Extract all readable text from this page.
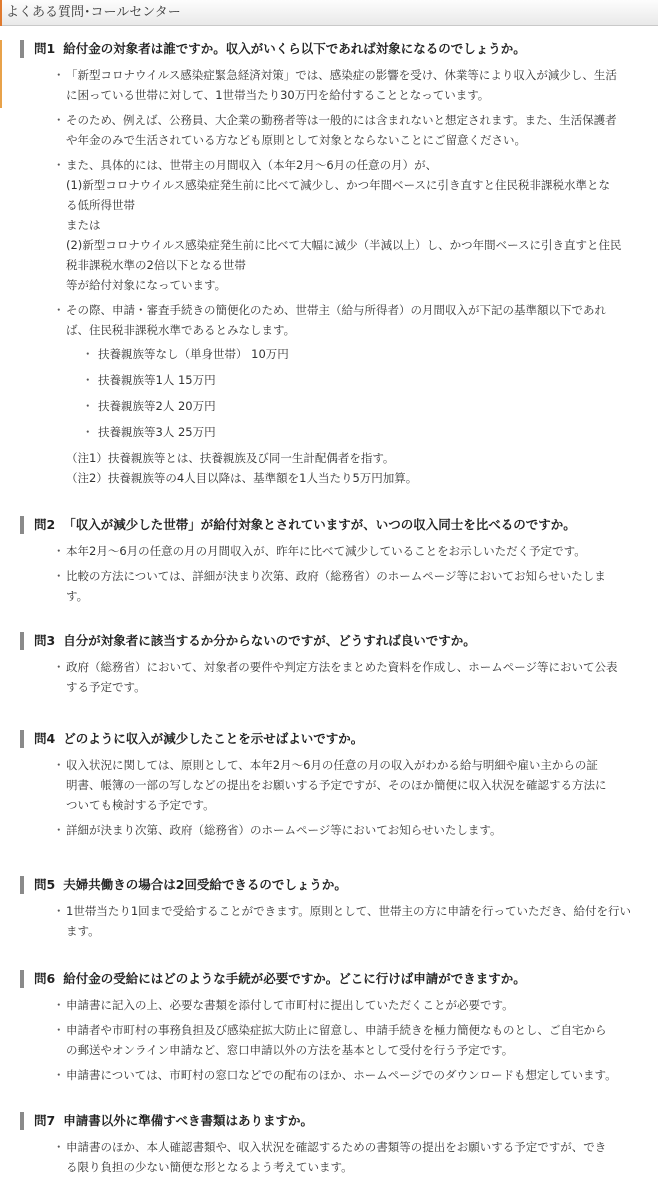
よくある質問･コールセンター
問1 給付金の対象者は誰ですか。収入がいくら以下であれば対象になるのでしょうか。
・ 「新型コロナウイルス感染症緊急経済対策」では、感染症の影響を受け、休業等により収入が減少し、生活
に困っている世帯に対して、1世帯当たり30万円を給付することとなっています。
・ そのため、例えば、公務員、大企業の勤務者等は一般的には含まれないと想定されます。また、生活保護者
や年金のみで生活されている方なども原則として対象とならないことにご留意ください。
・ また、具体的には、世帯主の月間収入（本年2月～6月の任意の月）が、
(1)新型コロナウイルス感染症発生前に比べて減少し、かつ年間ベースに引き直すと住民税非課税水準とな
る低所得世帯
または
(2)新型コロナウイルス感染症発生前に比べて大幅に減少（半減以上）し、かつ年間ベースに引き直すと住民
税非課税水準の2倍以下となる世帯
等が給付対象になっています。
・ その際、申請・審査手続きの簡便化のため、世帯主（給与所得者）の月間収入が下記の基準額以下であれ
ば、住民税非課税水準であるとみなします。
・ 扶養親族等なし（単身世帯） 10万円
・ 扶養親族等1人 15万円
・ 扶養親族等2人 20万円
・ 扶養親族等3人 25万円
（注1）扶養親族等とは、扶養親族及び同一生計配偶者を指す。
（注2）扶養親族等の4人目以降は、基準額を1人当たり5万円加算。
問2 「収入が減少した世帯」が給付対象とされていますが、いつの収入同士を比べるのですか。
・ 本年2月～6月の任意の月の月間収入が、昨年に比べて減少していることをお示しいただく予定です。
・ 比較の方法については、詳細が決まり次第、政府（総務省）のホームページ等においてお知らせいたしま
す。
問3 自分が対象者に該当するか分からないのですが、どうすれば良いですか。
・ 政府（総務省）において、対象者の要件や判定方法をまとめた資料を作成し、ホームページ等において公表
する予定です。
問4 どのように収入が減少したことを示せばよいですか。
・ 収入状況に関しては、原則として、本年2月～6月の任意の月の収入がわかる給与明細や雇い主からの証
明書、帳簿の一部の写しなどの提出をお願いする予定ですが、そのほか簡便に収入状況を確認する方法に
ついても検討する予定です。
・ 詳細が決まり次第、政府（総務省）のホームページ等においてお知らせいたします。
問5 夫婦共働きの場合は2回受給できるのでしょうか。
・ 1世帯当たり1回まで受給することができます。原則として、世帯主の方に申請を行っていただき、給付を行い
ます。
問6 給付金の受給にはどのような手続が必要ですか。どこに行けば申請ができますか。
・ 申請書に記入の上、必要な書類を添付して市町村に提出していただくことが必要です。
・ 申請者や市町村の事務負担及び感染症拡大防止に留意し、申請手続きを極力簡便なものとし、ご自宅から
の郵送やオンライン申請など、窓口申請以外の方法を基本として受付を行う予定です。
・ 申請書については、市町村の窓口などでの配布のほか、ホームページでのダウンロードも想定しています。
問7 申請書以外に準備すべき書類はありますか。
・ 申請書のほか、本人確認書類や、収入状況を確認するための書類等の提出をお願いする予定ですが、でき
る限り負担の少ない簡便な形となるよう考えています。
